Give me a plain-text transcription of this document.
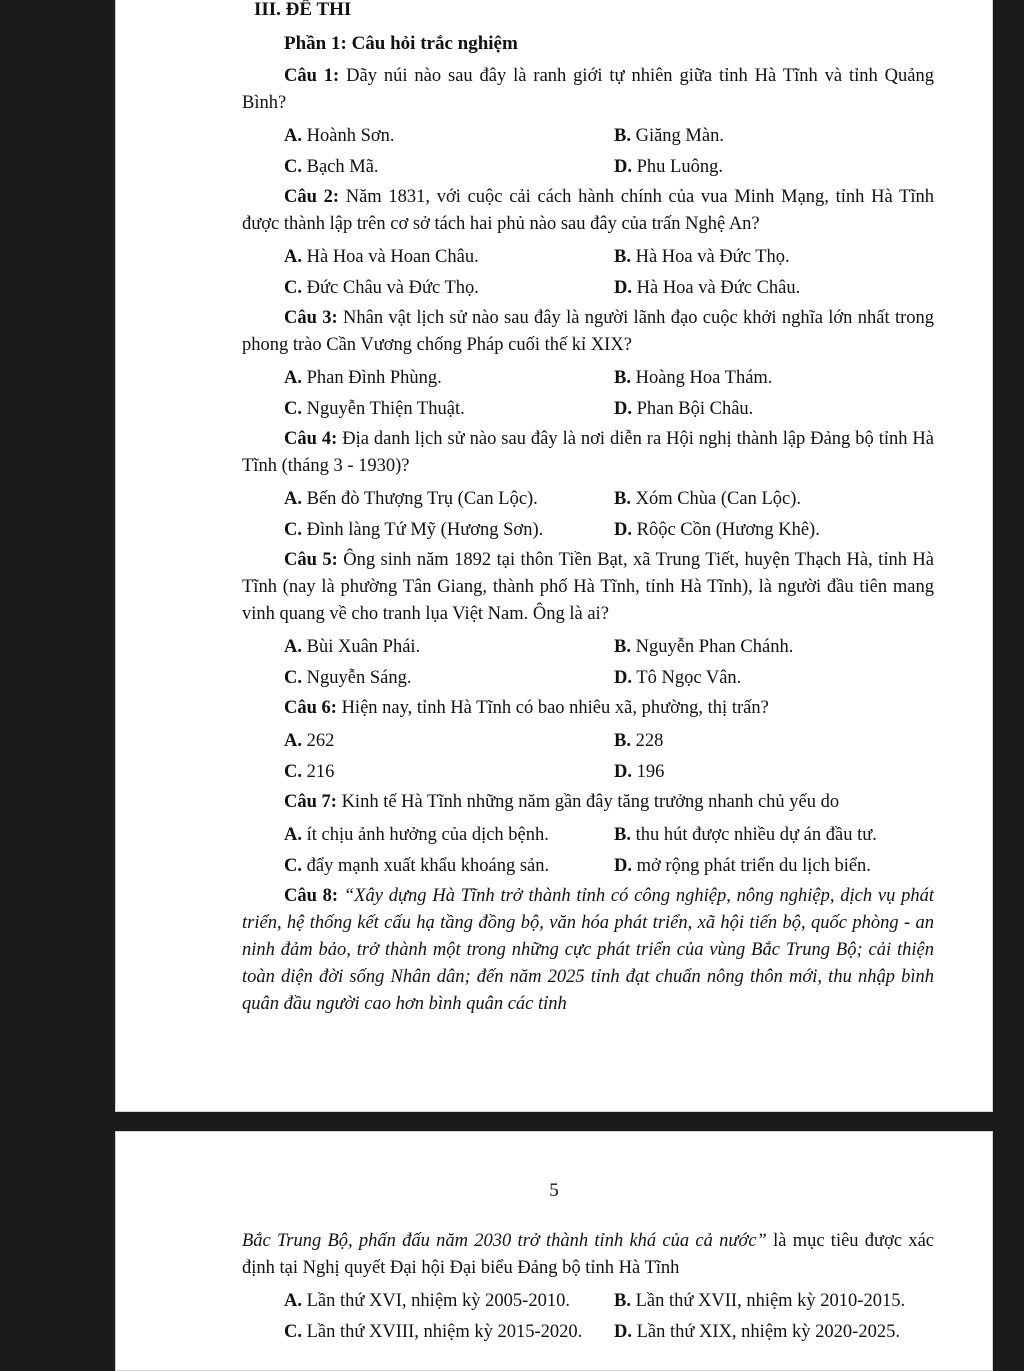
III. ĐỀ THI
Phần 1: Câu hỏi trắc nghiệm

Câu 1: Dãy núi nào sau đây là ranh giới tự nhiên giữa tỉnh Hà Tĩnh và tỉnh Quảng Bình?

A. Hoành Sơn.	B. Giăng Màn.
C. Bạch Mã.	D. Phu Luông.

Câu 2: Năm 1831, với cuộc cải cách hành chính của vua Minh Mạng, tỉnh Hà Tĩnh được thành lập trên cơ sở tách hai phủ nào sau đây của trấn Nghệ An?

A. Hà Hoa và Hoan Châu.	B. Hà Hoa và Đức Thọ.
C. Đức Châu và Đức Thọ.	D. Hà Hoa và Đức Châu.

Câu 3: Nhân vật lịch sử nào sau đây là người lãnh đạo cuộc khởi nghĩa lớn nhất trong phong trào Cần Vương chống Pháp cuối thế kỉ XIX?

A. Phan Đình Phùng.	B. Hoàng Hoa Thám.
C. Nguyễn Thiện Thuật.	D. Phan Bội Châu.

Câu 4: Địa danh lịch sử nào sau đây là nơi diễn ra Hội nghị thành lập Đảng bộ tỉnh Hà Tĩnh (tháng 3 - 1930)?

A. Bến đò Thượng Trụ (Can Lộc).	B. Xóm Chùa (Can Lộc).
C. Đình làng Tứ Mỹ (Hương Sơn).	D. Rôộc Cồn (Hương Khê).

Câu 5: Ông sinh năm 1892 tại thôn Tiền Bạt, xã Trung Tiết, huyện Thạch Hà, tỉnh Hà Tĩnh (nay là phường Tân Giang, thành phố Hà Tĩnh, tỉnh Hà Tĩnh), là người đầu tiên mang vinh quang về cho tranh lụa Việt Nam. Ông là ai?

A. Bùi Xuân Phái.	B. Nguyễn Phan Chánh.
C. Nguyễn Sáng.	D. Tô Ngọc Vân.

Câu 6: Hiện nay, tỉnh Hà Tĩnh có bao nhiêu xã, phường, thị trấn?

A. 262	B. 228
C. 216	D. 196

Câu 7: Kinh tế Hà Tĩnh những năm gần đây tăng trưởng nhanh chủ yếu do

A. ít chịu ảnh hưởng của dịch bệnh.	B. thu hút được nhiều dự án đầu tư.
C. đẩy mạnh xuất khẩu khoáng sản.	D. mở rộng phát triển du lịch biển.

Câu 8: “Xây dựng Hà Tĩnh trở thành tỉnh có công nghiệp, nông nghiệp, dịch vụ phát triển, hệ thống kết cấu hạ tầng đồng bộ, văn hóa phát triển, xã hội tiến bộ, quốc phòng - an ninh đảm bảo, trở thành một trong những cực phát triển của vùng Bắc Trung Bộ; cải thiện toàn diện đời sống Nhân dân; đến năm 2025 tỉnh đạt chuẩn nông thôn mới, thu nhập bình quân đầu người cao hơn bình quân các tỉnh

5

Bắc Trung Bộ, phấn đấu năm 2030 trở thành tỉnh khá của cả nước” là mục tiêu được xác định tại Nghị quyết Đại hội Đại biểu Đảng bộ tỉnh Hà Tĩnh

A. Lần thứ XVI, nhiệm kỳ 2005-2010.	B. Lần thứ XVII, nhiệm kỳ 2010-2015.
C. Lần thứ XVIII, nhiệm kỳ 2015-2020.	D. Lần thứ XIX, nhiệm kỳ 2020-2025.
